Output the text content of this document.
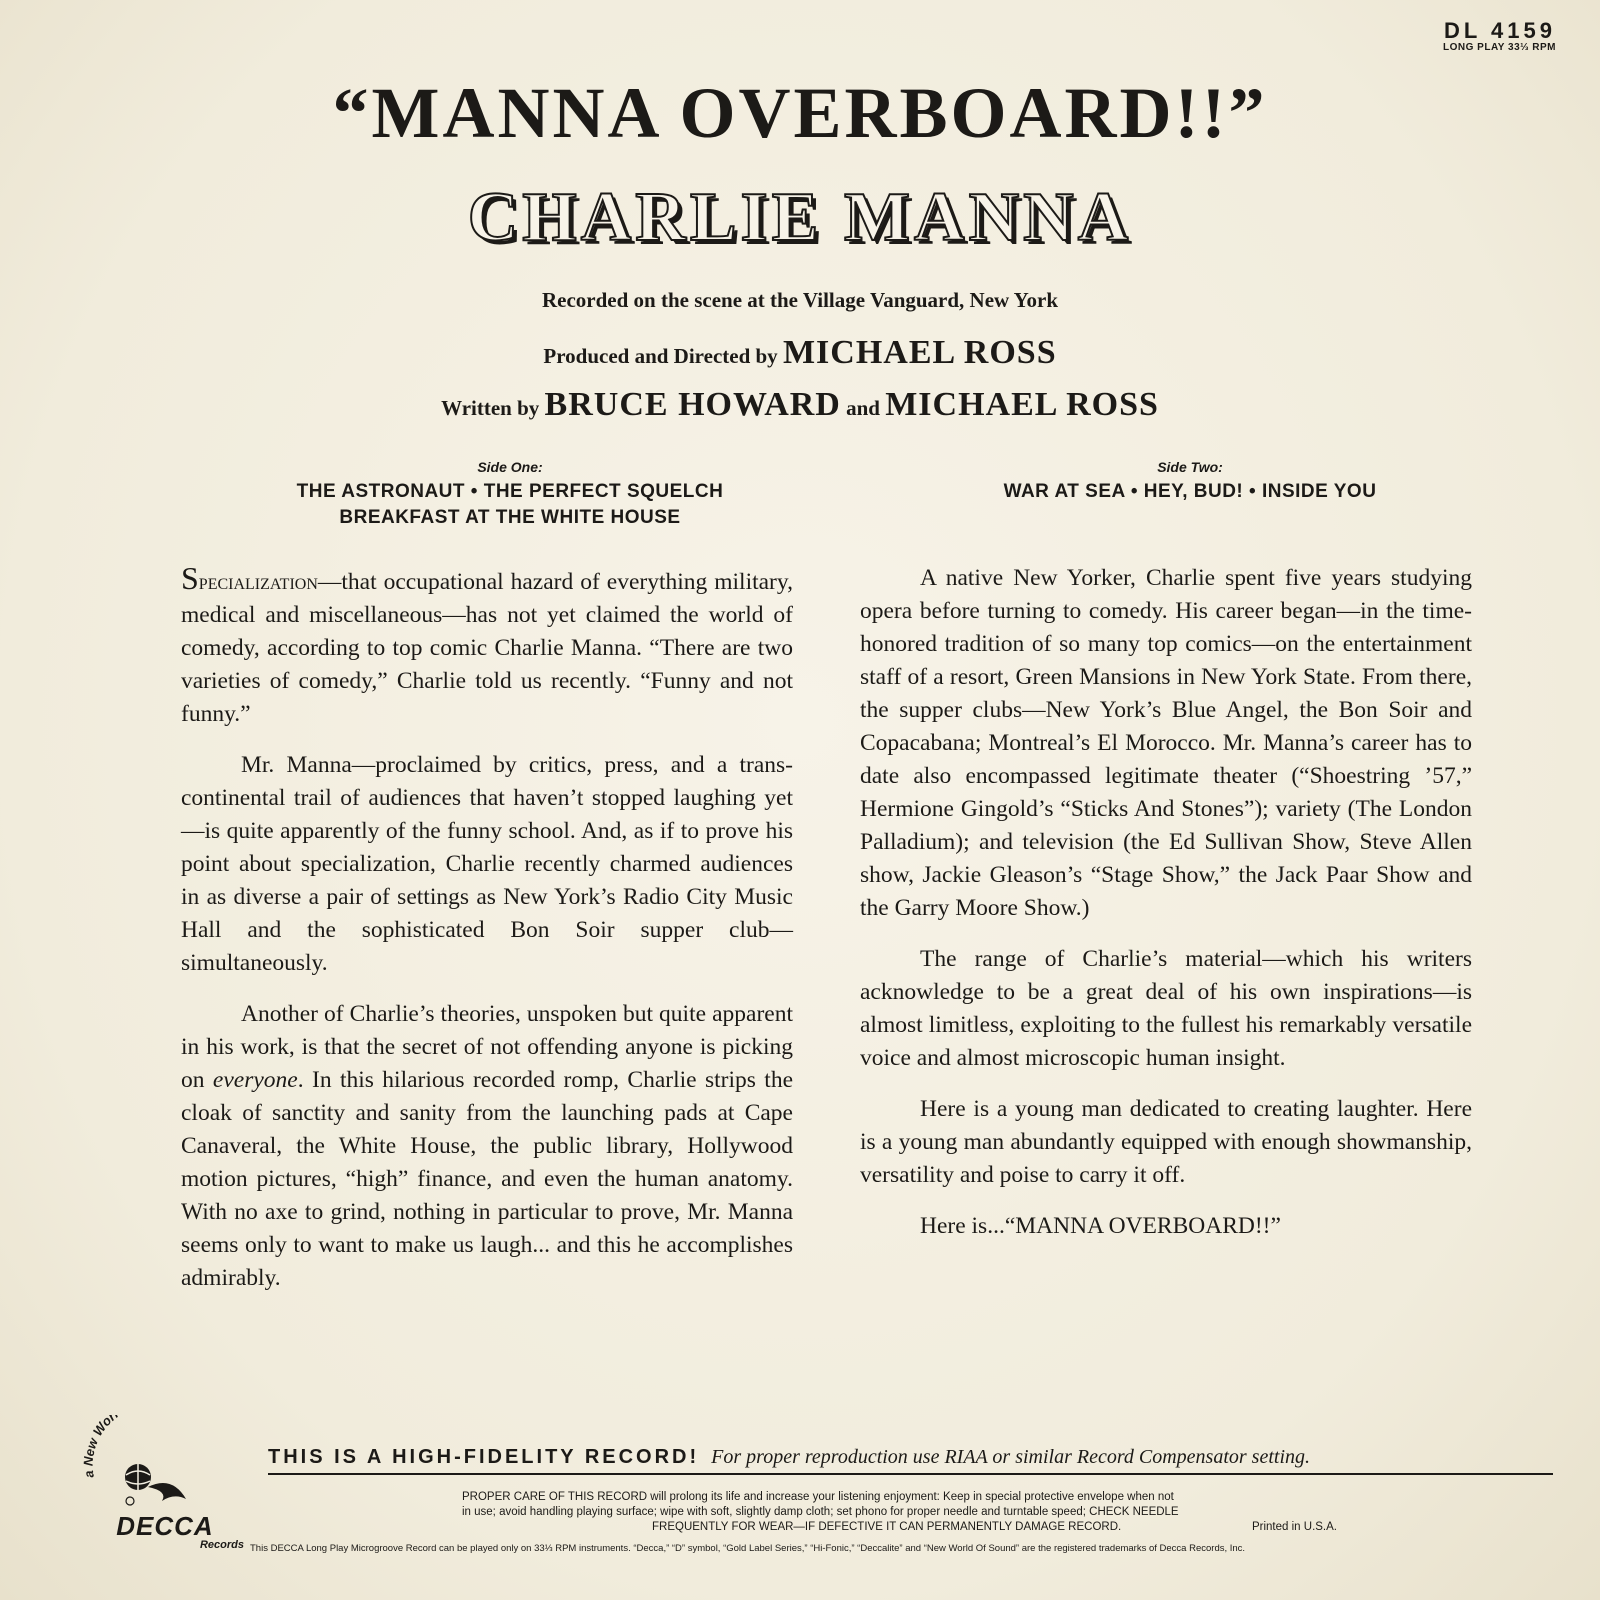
DL 4159
LONG PLAY 33⅓ RPM
“MANNA OVERBOARD!!”
CHARLIE MANNA
Recorded on the scene at the Village Vanguard, New York
Produced and Directed by MICHAEL ROSS
Written by BRUCE HOWARD and MICHAEL ROSS
Side One:
THE ASTRONAUT • THE PERFECT SQUELCH
BREAKFAST AT THE WHITE HOUSE
Side Two:
WAR AT SEA • HEY, BUD! • INSIDE YOU

Specialization—that occupational hazard of everything military, medical and miscellaneous—has not yet claimed the world of comedy, according to top comic Charlie Manna. “There are two varieties of comedy,” Charlie told us recently. “Funny and not funny.”

Mr. Manna—proclaimed by critics, press, and a trans-continental trail of audiences that haven’t stopped laughing yet—is quite apparently of the funny school. And, as if to prove his point about specialization, Charlie recently charmed audiences in as diverse a pair of settings as New York’s Radio City Music Hall and the sophisticated Bon Soir supper club—simultaneously.

Another of Charlie’s theories, unspoken but quite apparent in his work, is that the secret of not offending anyone is picking on everyone. In this hilarious recorded romp, Charlie strips the cloak of sanctity and sanity from the launching pads at Cape Canaveral, the White House, the public library, Hollywood motion pictures, “high” finance, and even the human anatomy. With no axe to grind, nothing in particular to prove, Mr. Manna seems only to want to make us laugh... and this he accomplishes admirably.

A native New Yorker, Charlie spent five years studying opera before turning to comedy. His career began—in the time-honored tradition of so many top comics—on the entertainment staff of a resort, Green Mansions in New York State. From there, the supper clubs—New York’s Blue Angel, the Bon Soir and Copacabana; Montreal’s El Morocco. Mr. Manna’s career has to date also encompassed legitimate theater (“Shoestring ’57,” Hermione Gingold’s “Sticks And Stones”); variety (The London Palladium); and television (the Ed Sullivan Show, Steve Allen show, Jackie Gleason’s “Stage Show,” the Jack Paar Show and the Garry Moore Show.)

The range of Charlie’s material—which his writers acknowledge to be a great deal of his own inspirations—is almost limitless, exploiting to the fullest his remarkably versatile voice and almost microscopic human insight.

Here is a young man dedicated to creating laughter. Here is a young man abundantly equipped with enough showmanship, versatility and poise to carry it off.

Here is...“MANNA OVERBOARD!!”

a New Wor
DECCA
Records
THIS IS A HIGH-FIDELITY RECORD! For proper reproduction use RIAA or similar Record Compensator setting.
PROPER CARE OF THIS RECORD will prolong its life and increase your listening enjoyment: Keep in special protective envelope when not
in use; avoid handling playing surface; wipe with soft, slightly damp cloth; set phono for proper needle and turntable speed; CHECK NEEDLE
FREQUENTLY FOR WEAR—IF DEFECTIVE IT CAN PERMANENTLY DAMAGE RECORD.	Printed in U.S.A.
This DECCA Long Play Microgroove Record can be played only on 33⅓ RPM instruments. “Decca,” “D” symbol, “Gold Label Series,” “Hi-Fonic,” “Deccalite” and “New World Of Sound” are the registered trademarks of Decca Records, Inc.
